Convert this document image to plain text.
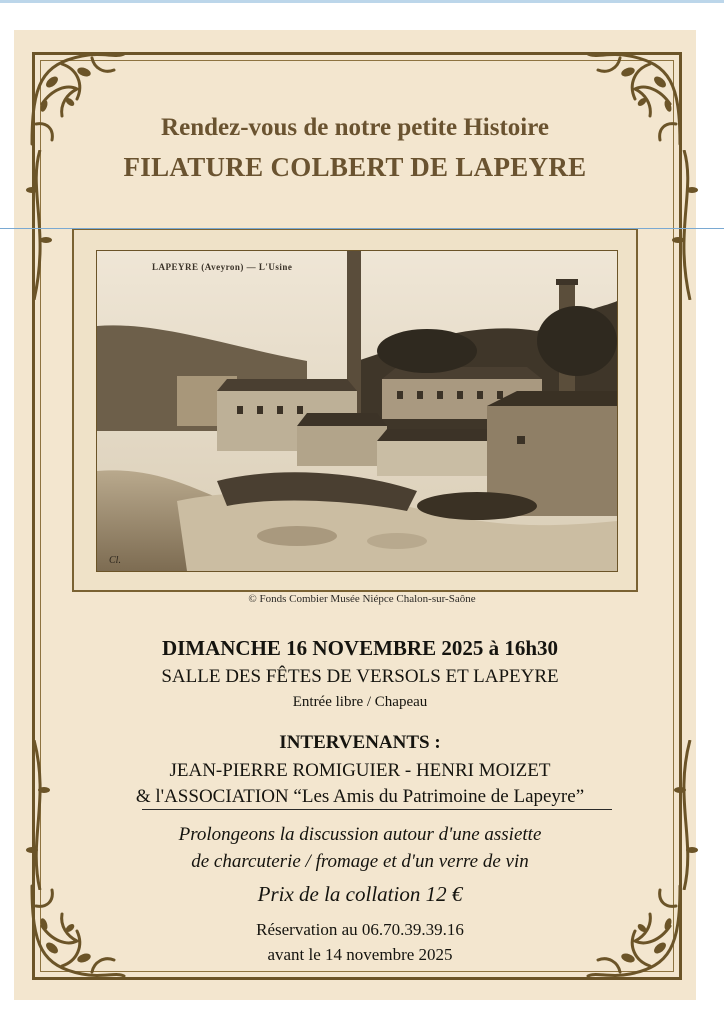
Rendez-vous de notre petite Histoire
FILATURE COLBERT DE LAPEYRE
Cl.
LAPEYRE (Aveyron) — L'Usine
© Fonds Combier Musée Niépce Chalon-sur-Saône
DIMANCHE 16 NOVEMBRE 2025 à 16h30
SALLE DES FÊTES DE VERSOLS ET LAPEYRE
Entrée libre / Chapeau
INTERVENANTS :
JEAN-PIERRE ROMIGUIER - HENRI MOIZET
& l'ASSOCIATION “Les Amis du Patrimoine de Lapeyre”
Prolongeons la discussion autour d'une assiette
de charcuterie / fromage et d'un verre de vin
Prix de la collation 12 €
Réservation au 06.70.39.39.16
avant le 14 novembre 2025
